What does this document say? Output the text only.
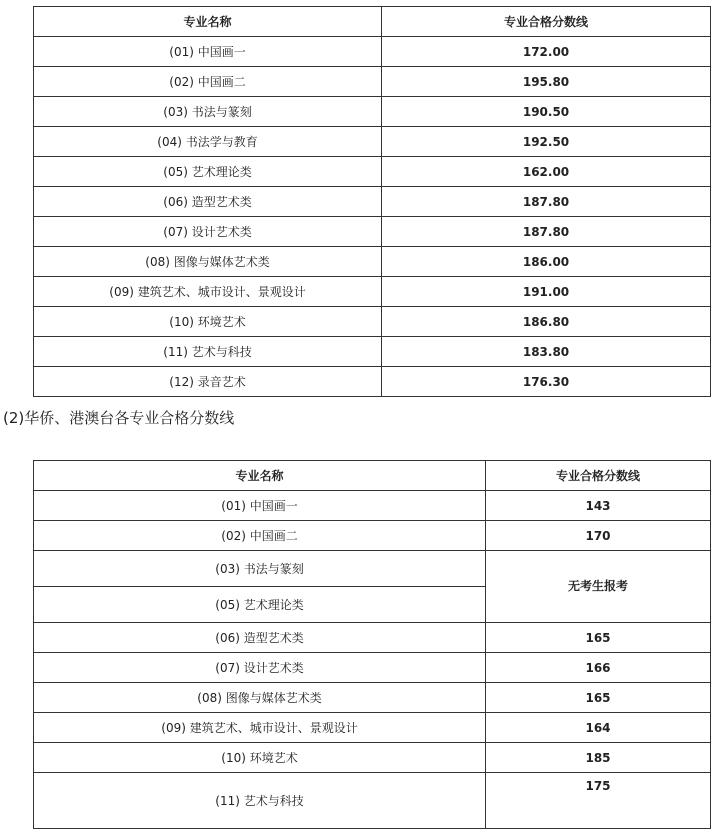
专业名称	专业合格分数线
(01) 中国画一	172.00
(02) 中国画二	195.80
(03) 书法与篆刻	190.50
(04) 书法学与教育	192.50
(05) 艺术理论类	162.00
(06) 造型艺术类	187.80
(07) 设计艺术类	187.80
(08) 图像与媒体艺术类	186.00
(09) 建筑艺术、城市设计、景观设计	191.00
(10) 环境艺术	186.80
(11) 艺术与科技	183.80
(12) 录音艺术	176.30

(2)华侨、港澳台各专业合格分数线

专业名称	专业合格分数线
(01) 中国画一	143
(02) 中国画二	170
(03) 书法与篆刻	无考生报考
(05) 艺术理论类	
(06) 造型艺术类	165
(07) 设计艺术类	166
(08) 图像与媒体艺术类	165
(09) 建筑艺术、城市设计、景观设计	164
(10) 环境艺术	185
(11) 艺术与科技	175
